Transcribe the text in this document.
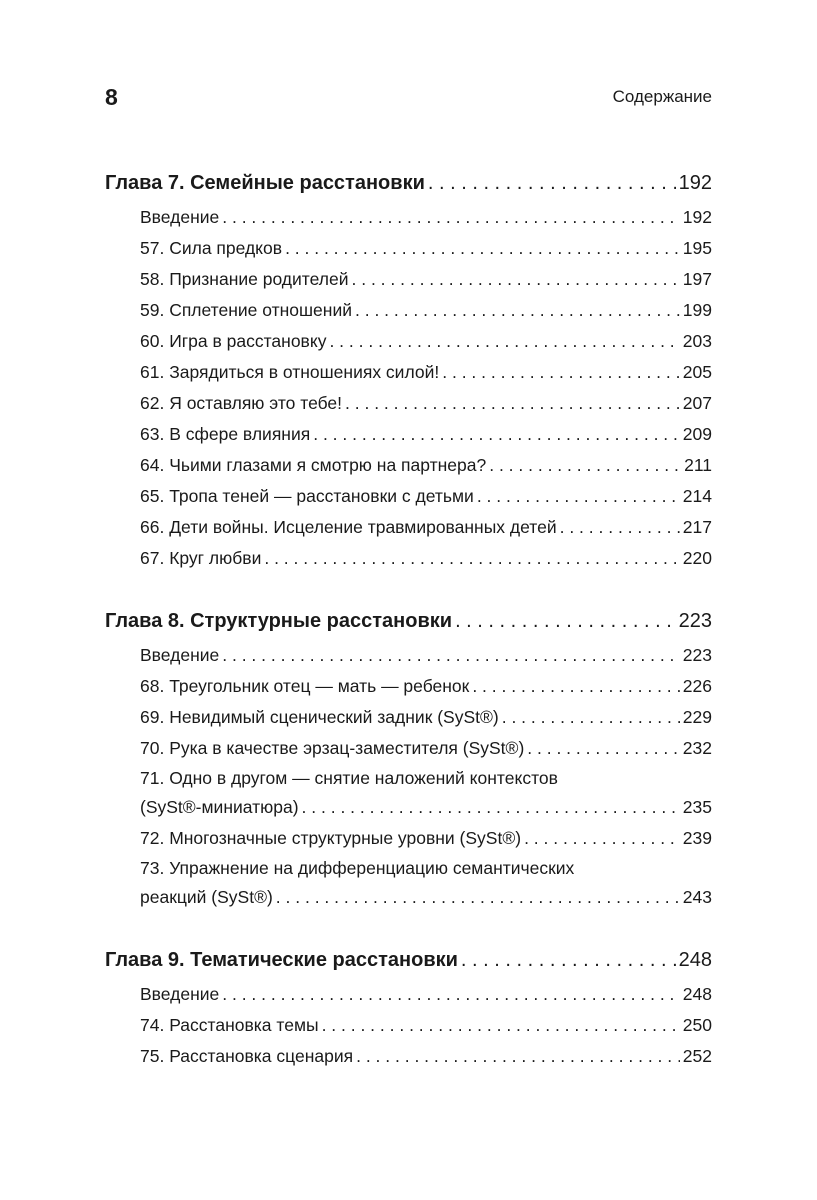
8	Содержание
Глава 7. Семейные расстановки . . .	192
Введение . . .	192
57. Сила предков . . .	195
58. Признание родителей . . .	197
59. Сплетение отношений . . .	199
60. Игра в расстановку . . .	203
61. Зарядиться в отношениях силой! . . .	205
62. Я оставляю это тебе! . . .	207
63. В сфере влияния . . .	209
64. Чьими глазами я смотрю на партнера? . . .	211
65. Тропа теней — расстановки с детьми . . .	214
66. Дети войны. Исцеление травмированных детей . . .	217
67. Круг любви . . .	220
Глава 8. Структурные расстановки . . .	223
Введение . . .	223
68. Треугольник отец — мать — ребенок . . .	226
69. Невидимый сценический задник (SySt®) . . .	229
70. Рука в качестве эрзац-заместителя (SySt®) . . .	232
71. Одно в другом — снятие наложений контекстов
(SySt®-миниатюра) . . .	235
72. Многозначные структурные уровни (SySt®) . . .	239
73. Упражнение на дифференциацию семантических
реакций (SySt®) . . .	243
Глава 9. Тематические расстановки . . .	248
Введение . . .	248
74. Расстановка темы . . .	250
75. Расстановка сценария . . .	252
